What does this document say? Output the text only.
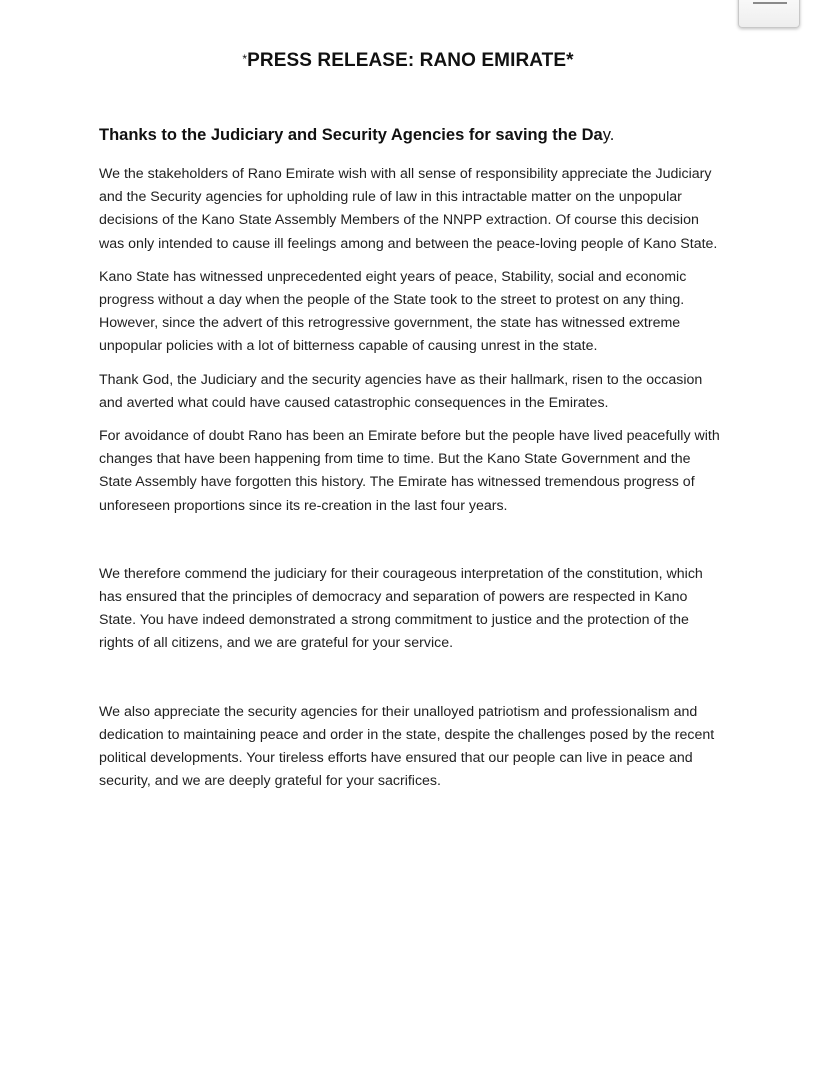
*PRESS RELEASE: RANO EMIRATE*
Thanks to the Judiciary and Security Agencies for saving the Day.

We the stakeholders of Rano Emirate wish with all sense of responsibility appreciate the Judiciary and the Security agencies for upholding rule of law in this intractable matter on the unpopular decisions of the Kano State Assembly Members of the NNPP extraction. Of course this decision was only intended to cause ill feelings among and between the peace-loving people of Kano State.

Kano State has witnessed unprecedented eight years of peace, Stability, social and economic progress without a day when the people of the State took to the street to protest on any thing. However, since the advert of this retrogressive government, the state has witnessed extreme unpopular policies with a lot of bitterness capable of causing unrest in the state.

Thank God, the Judiciary and the security agencies have as their hallmark, risen to the occasion and averted what could have caused catastrophic consequences in the Emirates.

For avoidance of doubt Rano has been an Emirate before but the people have lived peacefully with changes that have been happening from time to time. But the Kano State Government and the State Assembly have forgotten this history. The Emirate has witnessed tremendous progress of unforeseen proportions since its re-creation in the last four years.

We therefore commend the judiciary for their courageous interpretation of the constitution, which has ensured that the principles of democracy and separation of powers are respected in Kano State. You have indeed demonstrated a strong commitment to justice and the protection of the rights of all citizens, and we are grateful for your service.

We also appreciate the security agencies for their unalloyed patriotism and professionalism and dedication to maintaining peace and order in the state, despite the challenges posed by the recent political developments. Your tireless efforts have ensured that our people can live in peace and security, and we are deeply grateful for your sacrifices.
